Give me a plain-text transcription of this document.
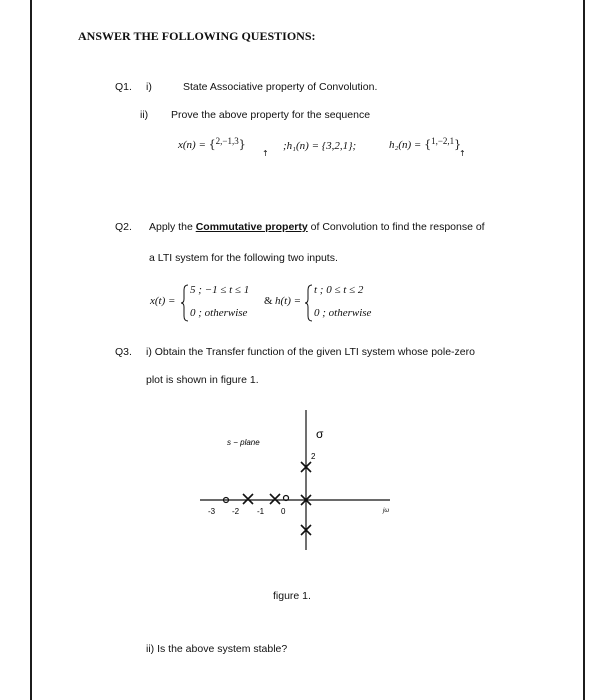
ANSWER THE FOLLOWING QUESTIONS:
Q1. i)	State Associative property of Convolution.
ii) Prove the above property for the sequence
x(n) = {$^{2,-1,3}$}
↑
;h₁(n) = {3,2,1};	h₂(n) = {$^{1,-2,1}$}
↑
Q2. Apply the Commutative property of Convolution to find the response of
a LTI system for the following two inputs.
x(t) =
5 ; −1 ≤ t ≤ 1
0 ; otherwise
& h(t) =
t ; 0 ≤ t ≤ 2
0 ; otherwise
Q3. i) Obtain the Transfer function of the given LTI system whose pole-zero
plot is shown in figure 1.
s − plane
σ
jω
-3 -2 -1 0
2
figure 1.
ii) Is the above system stable?
